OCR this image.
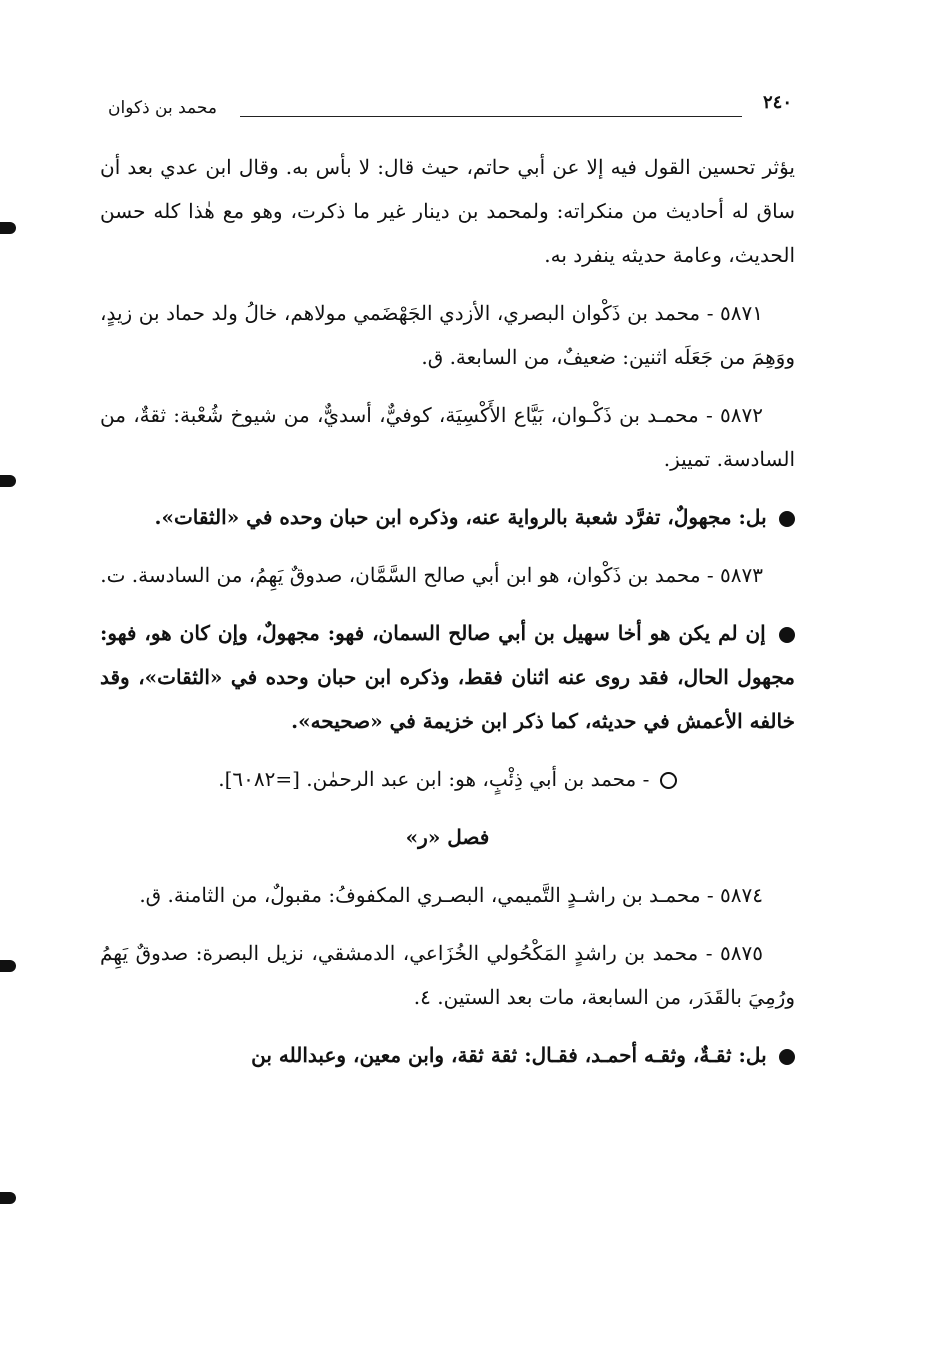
٢٤٠
محمد بن ذكوان

يؤثر تحسين القول فيه إلا عن أبي حاتم، حيث قال: لا بأس به. وقال ابن عدي بعد أن ساق له أحاديث من منكراته: ولمحمد بن دينار غير ما ذكرت، وهو مع هٰذا كله حسن الحديث، وعامة حديثه ينفرد به.

٥٨٧١ - محمد بن ذَكْوان البصري، الأزدي الجَهْضَمي مولاهم، خالُ ولد حماد بن زيدٍ، ووَهِمَ من جَعَلَه اثنين: ضعيفٌ، من السابعة. ق.

٥٨٧٢ - محمـد بن ذَكْـوان، بَيَّاع الأَكْسِيَة، كوفيٌّ، أسديٌّ، من شيوخ شُعْبة: ثقةٌ، من السادسة. تمييز.

بل: مجهولٌ، تفرَّد شعبة بالرواية عنه، وذكره ابن حبان وحده في «الثقات».

٥٨٧٣ - محمد بن ذَكْوان، هو ابن أبي صالح السَّمَّان، صدوقٌ يَهِمُ، من السادسة. ت.

إن لم يكن هو أخا سهيل بن أبي صالح السمان، فهو: مجهولٌ، وإن كان هو، فهو: مجهول الحال، فقد روى عنه اثنان فقط، وذكره ابن حبان وحده في «الثقات»، وقد خالفه الأعمش في حديثه، كما ذكر ابن خزيمة في «صحيحه».

- محمد بن أبي ذِئْبٍ، هو: ابن عبد الرحمٰن. [=٦٠٨٢].

فصل «ر»

٥٨٧٤ - محمـد بن راشـدٍ التَّميمي، البصـري المكفوفُ: مقبولٌ، من الثامنة. ق.

٥٨٧٥ - محمد بن راشدٍ المَكْحُولي الخُزَاعي، الدمشقي، نزيل البصرة: صدوقٌ يَهِمُ ورُمِيَ بالقَدَر، من السابعة، مات بعد الستين. ٤.

بل: ثقـةٌ، وثقـه أحمـد، فقـال: ثقة ثقة، وابن معين، وعبدالله بن
